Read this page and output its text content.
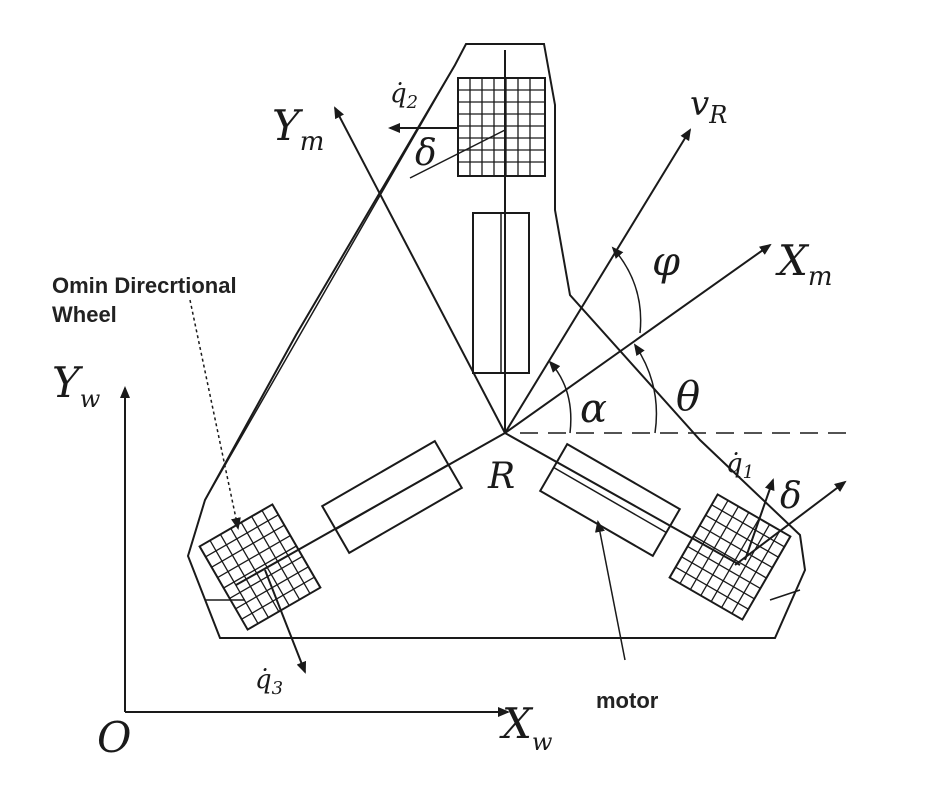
$Y_w$
$X_w$
O
$Y_m$
$X_m$
$v_R$
R
φ
θ
α
δ
δ
$q̇_2$
$q̇_1$
$q̇_3$
Omin Direcrtional
Wheel
motor
